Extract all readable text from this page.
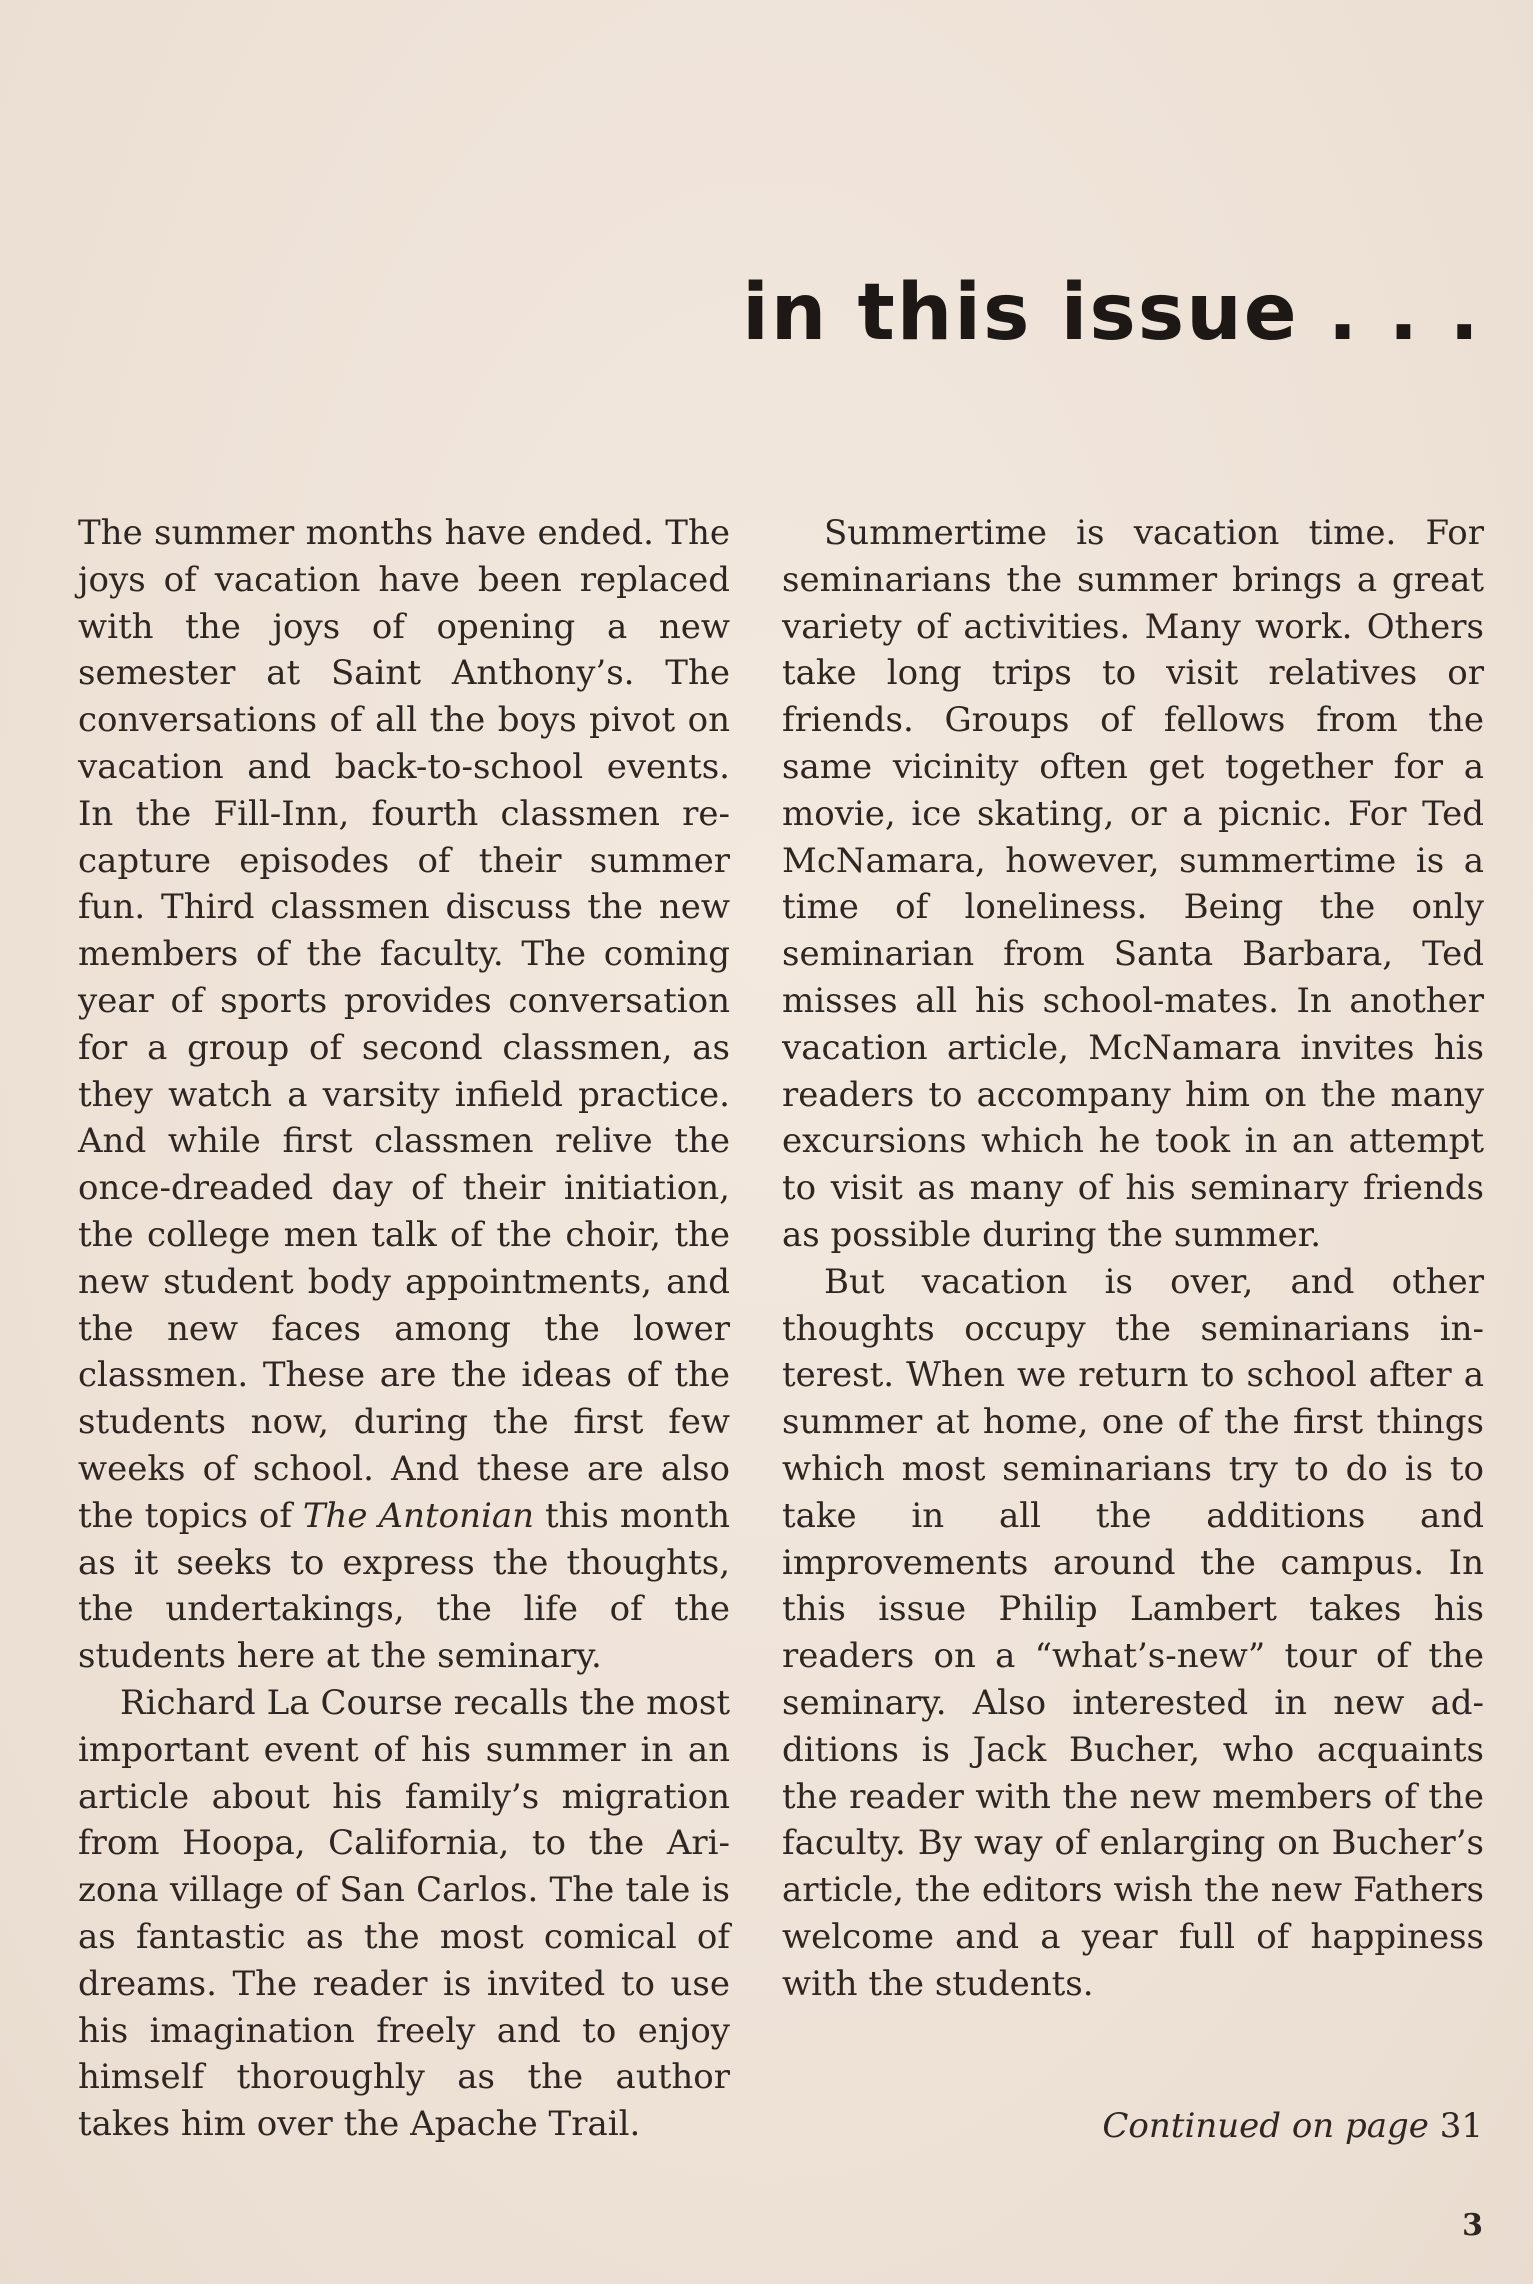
in this issue . . .

The summer months have ended. The joys of vacation have been replaced with the joys of opening a new semester at Saint Anthony’s. The conversations of all the boys pivot on vacation and back-to-school events. In the Fill-Inn, fourth classmen recapture episodes of their summer fun. Third classmen discuss the new members of the faculty. The coming year of sports provides conversation for a group of second classmen, as they watch a varsity infield practice. And while first classmen relive the once-dreaded day of their initiation, the college men talk of the choir, the new student body appointments, and the new faces among the lower classmen. These are the ideas of the students now, during the first few weeks of school. And these are also the topics of The Antonian this month as it seeks to express the thoughts, the undertakings, the life of the students here at the seminary.

Richard La Course recalls the most important event of his summer in an article about his family’s migration from Hoopa, California, to the Arizona village of San Carlos. The tale is as fantastic as the most comical of dreams. The reader is invited to use his imagination freely and to enjoy himself thoroughly as the author takes him over the Apache Trail.

Summertime is vacation time. For seminarians the summer brings a great variety of activities. Many work. Others take long trips to visit relatives or friends. Groups of fellows from the same vicinity often get together for a movie, ice skating, or a picnic. For Ted McNamara, however, summertime is a time of loneliness. Being the only seminarian from Santa Barbara, Ted misses all his school-mates. In another vacation article, McNamara invites his readers to accompany him on the many excursions which he took in an attempt to visit as many of his seminary friends as possible during the summer.

But vacation is over, and other thoughts occupy the seminarians interest. When we return to school after a summer at home, one of the first things which most seminarians try to do is to take in all the additions and improvements around the campus. In this issue Philip Lambert takes his readers on a “what’s-new” tour of the seminary. Also interested in new additions is Jack Bucher, who acquaints the reader with the new members of the faculty. By way of enlarging on Bucher’s article, the editors wish the new Fathers welcome and a year full of happiness with the students.

Continued on page 31
3
